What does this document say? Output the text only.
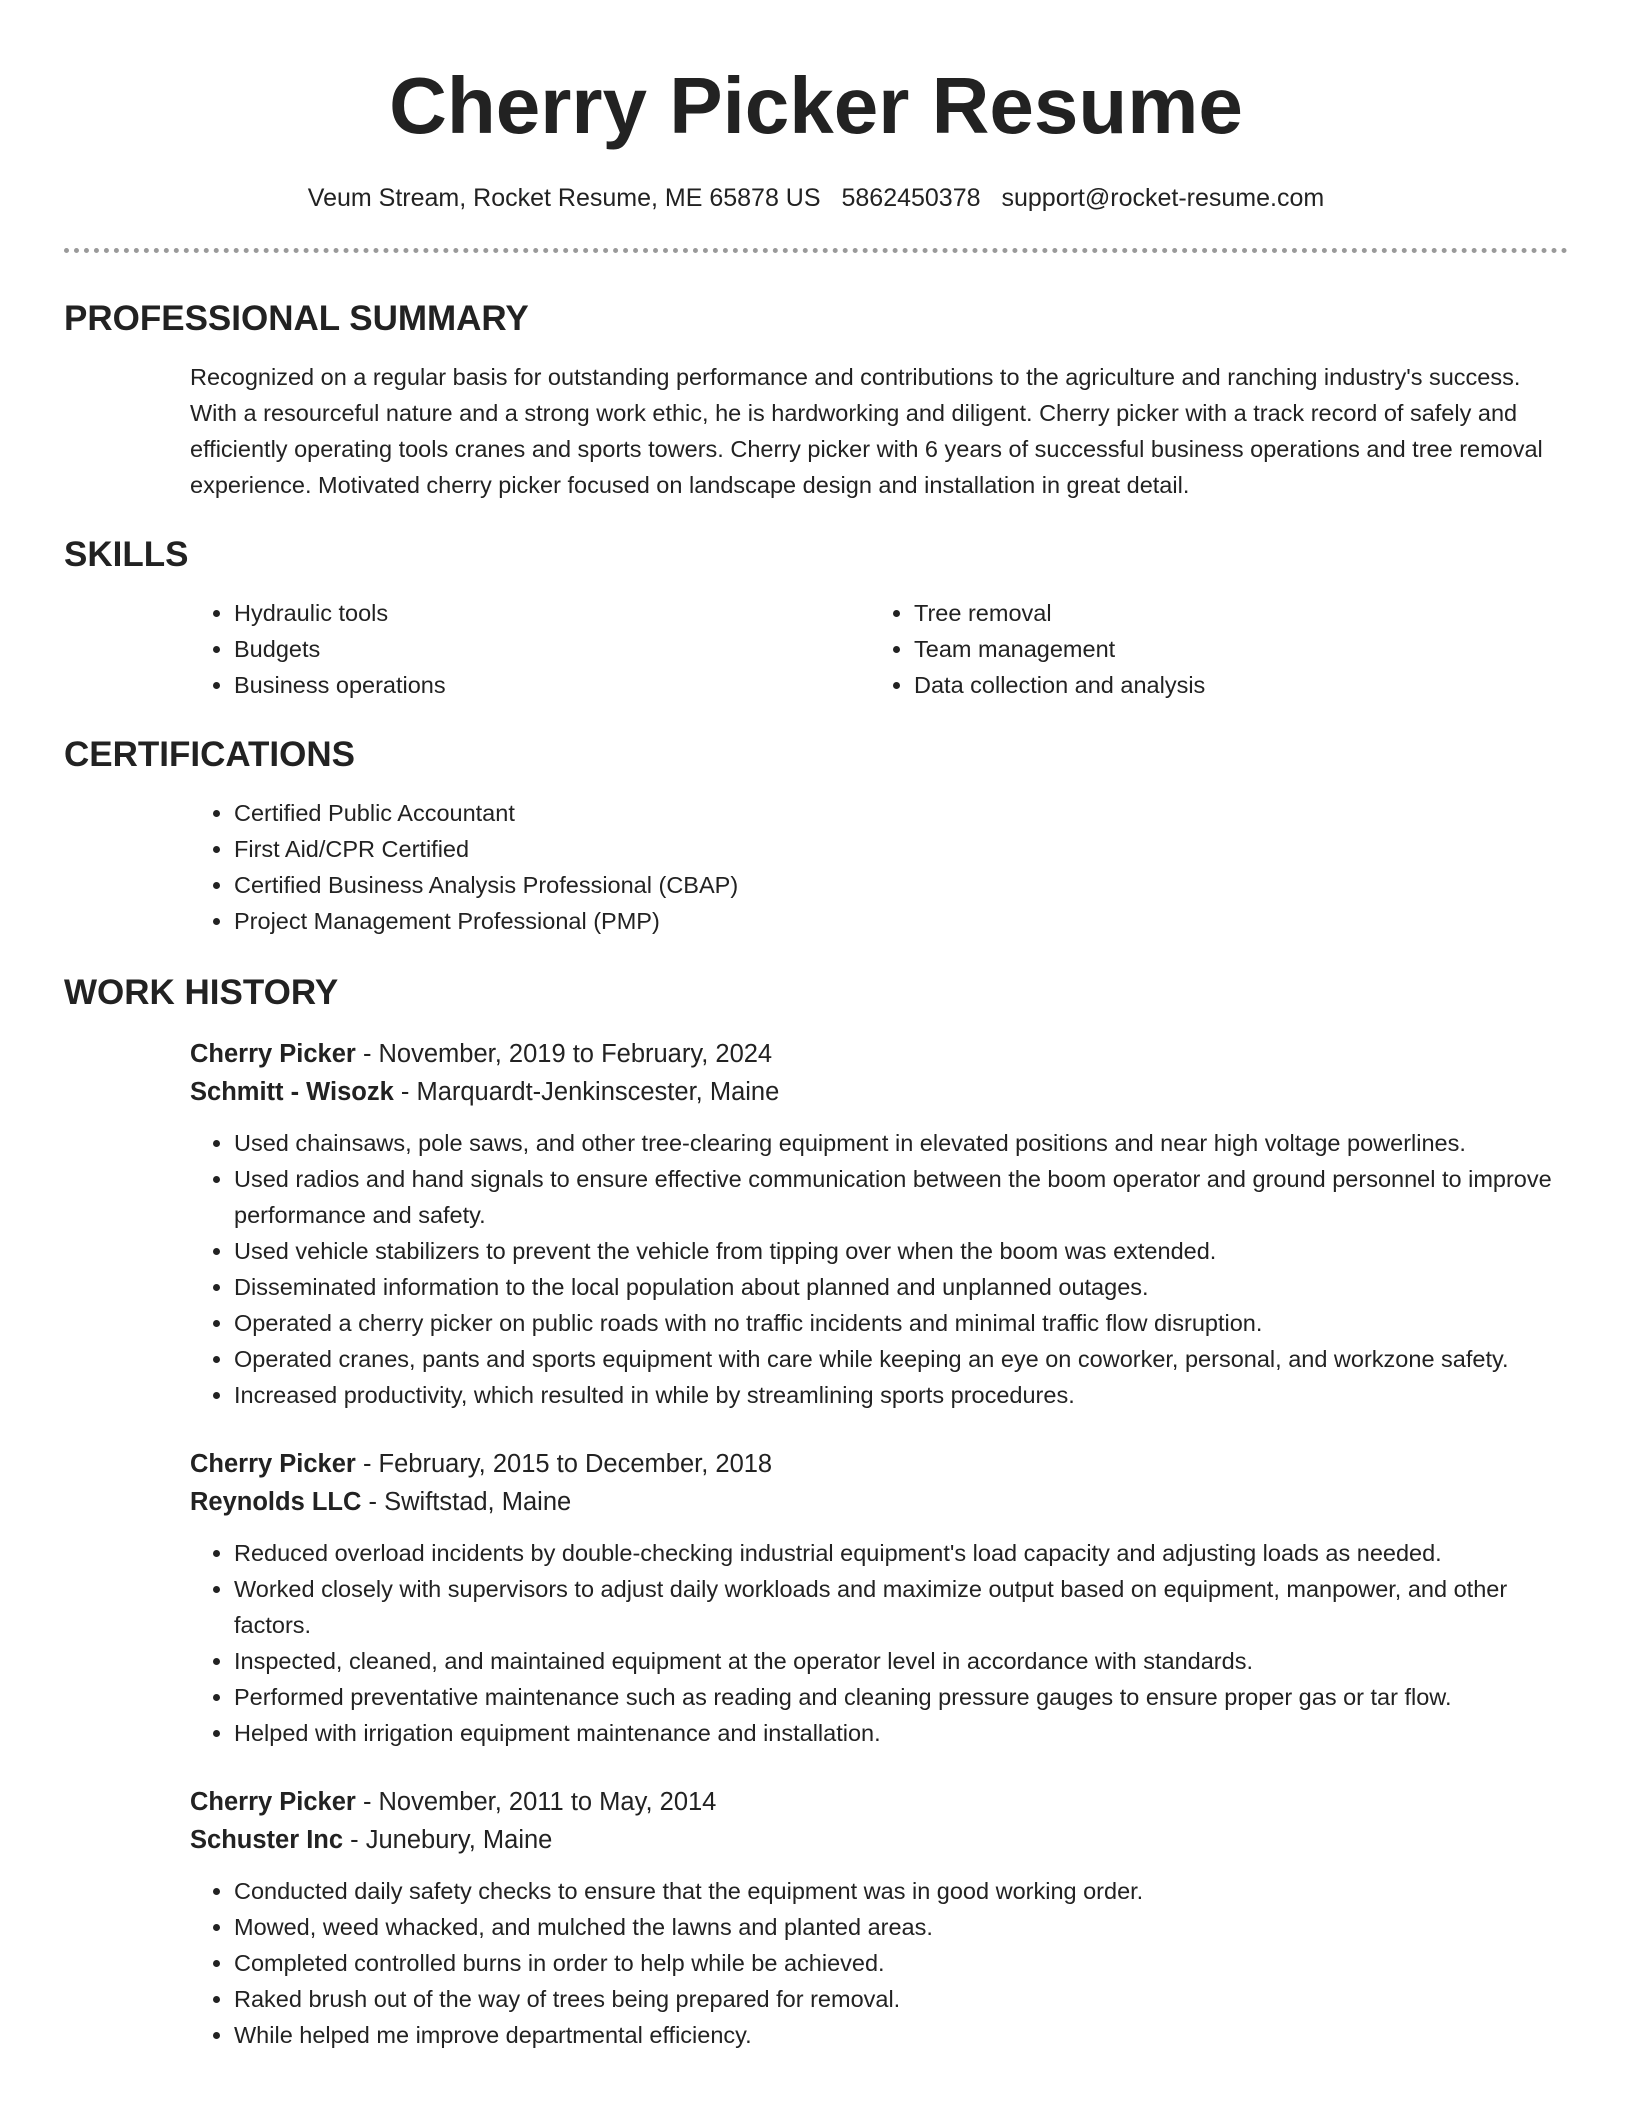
Cherry Picker Resume
Veum Stream, Rocket Resume, ME 65878 US 5862450378 support@rocket-resume.com
PROFESSIONAL SUMMARY

Recognized on a regular basis for outstanding performance and contributions to the agriculture and ranching industry's success. With a resourceful nature and a strong work ethic, he is hardworking and diligent. Cherry picker with a track record of safely and efficiently operating tools cranes and sports towers. Cherry picker with 6 years of successful business operations and tree removal experience. Motivated cherry picker focused on landscape design and installation in great detail.

SKILLS
• Hydraulic tools
• Budgets
• Business operations
• Tree removal
• Team management
• Data collection and analysis
CERTIFICATIONS
• Certified Public Accountant
• First Aid/CPR Certified
• Certified Business Analysis Professional (CBAP)
• Project Management Professional (PMP)
WORK HISTORY
Cherry Picker - November, 2019 to February, 2024
Schmitt - Wisozk - Marquardt-Jenkinscester, Maine
• Used chainsaws, pole saws, and other tree-clearing equipment in elevated positions and near high voltage powerlines.
• Used radios and hand signals to ensure effective communication between the boom operator and ground personnel to improve performance and safety.
• Used vehicle stabilizers to prevent the vehicle from tipping over when the boom was extended.
• Disseminated information to the local population about planned and unplanned outages.
• Operated a cherry picker on public roads with no traffic incidents and minimal traffic flow disruption.
• Operated cranes, pants and sports equipment with care while keeping an eye on coworker, personal, and workzone safety.
• Increased productivity, which resulted in while by streamlining sports procedures.
Cherry Picker - February, 2015 to December, 2018
Reynolds LLC - Swiftstad, Maine
• Reduced overload incidents by double-checking industrial equipment's load capacity and adjusting loads as needed.
• Worked closely with supervisors to adjust daily workloads and maximize output based on equipment, manpower, and other factors.
• Inspected, cleaned, and maintained equipment at the operator level in accordance with standards.
• Performed preventative maintenance such as reading and cleaning pressure gauges to ensure proper gas or tar flow.
• Helped with irrigation equipment maintenance and installation.
Cherry Picker - November, 2011 to May, 2014
Schuster Inc - Junebury, Maine
• Conducted daily safety checks to ensure that the equipment was in good working order.
• Mowed, weed whacked, and mulched the lawns and planted areas.
• Completed controlled burns in order to help while be achieved.
• Raked brush out of the way of trees being prepared for removal.
• While helped me improve departmental efficiency.
